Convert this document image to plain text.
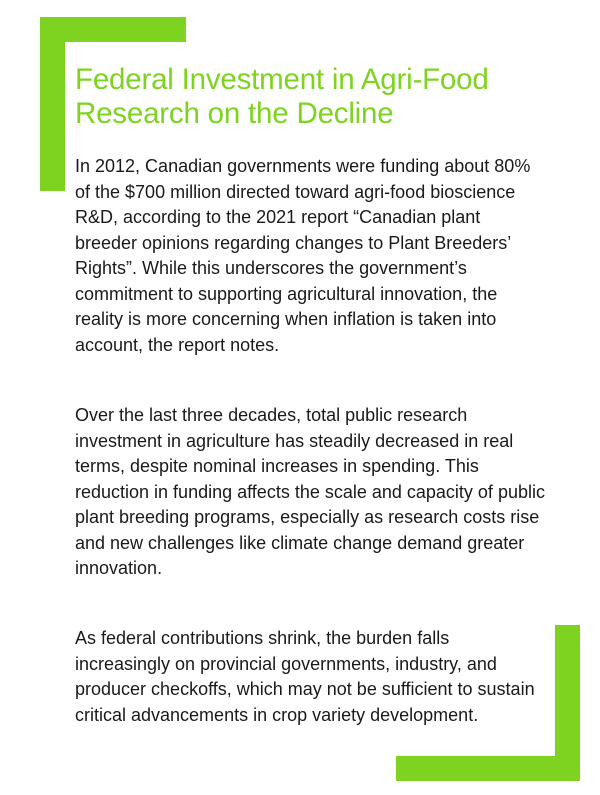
Federal Investment in Agri-Food Research on the Decline

In 2012, Canadian governments were funding about 80% of the $700 million directed toward agri-food bioscience R&D, according to the 2021 report “Canadian plant breeder opinions regarding changes to Plant Breeders’ Rights”. While this underscores the government’s commitment to supporting agricultural innovation, the reality is more concerning when inflation is taken into account, the report notes.

Over the last three decades, total public research investment in agriculture has steadily decreased in real terms, despite nominal increases in spending. This reduction in funding affects the scale and capacity of public plant breeding programs, especially as research costs rise and new challenges like climate change demand greater innovation.

As federal contributions shrink, the burden falls increasingly on provincial governments, industry, and producer checkoffs, which may not be sufficient to sustain critical advancements in crop variety development.
